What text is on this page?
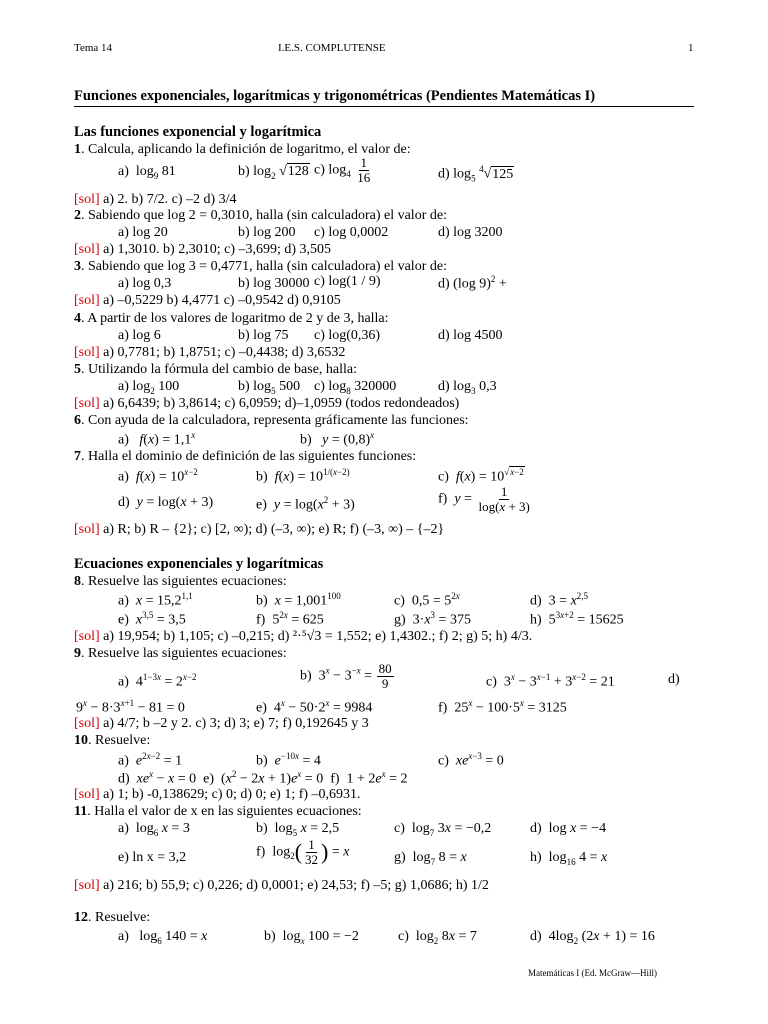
Tema 14	I.E.S. COMPLUTENSE	1
Funciones exponenciales, logarítmicas y trigonométricas (Pendientes Matemáticas I)
Las funciones exponencial y logarítmica
1. Calcula, aplicando la definición de logaritmo, el valor de:
a)  $\log_9 81$	b) $\log_2 √128$ c) $\log_4 \frac{1}{16}$	d) $\log_5 ^4√125$
[sol] a) 2. b) 7/2. c) –2 d) 3/4
2. Sabiendo que log 2 = 0,3010, halla (sin calculadora) el valor de:
a) log 20	b) log 200 c) log 0,0002	d) log 3200
[sol] a) 1,3010. b) 2,3010; c) –3,699; d) 3,505
3. Sabiendo que log 3 = 0,4771, halla (sin calculadora) el valor de:
a) log 0,3	b) log 30000 c) log(1 / 9)	d) (log 9)$^2$ +
[sol] a) –0,5229 b) 4,4771 c) –0,9542 d) 0,9105
4. A partir de los valores de logaritmo de 2 y de 3, halla:
a) log 6	b) log 75 c) log(0,36)	d) log 4500
[sol] a) 0,7781; b) 1,8751; c) –0,4438; d) 3,6532
5. Utilizando la fórmula del cambio de base, halla:
a) $\log_2 100$	b) $\log_5 500$ c) $\log_8 320000$	d) $\log_3 0,3$
[sol] a) 6,6439; b) 3,8614; c) 6,0959; d)–1,0959 (todos redondeados)
6. Con ayuda de la calculadora, representa gráficamente las funciones:
a)   $f(x) = 1,1^x$	b)   $y = (0,8)^x$
7. Halla el dominio de definición de las siguientes funciones:
a)  $f(x) = 10^{x-2}$	b)  $f(x) = 10^{1/(x-2)}$	c)  $f(x) = 10^{√x-2}$
d)  y = log(x + 3)	e)  $y = \log(x^2 + 3)$	f)  $y = \frac{1}{\log(x + 3)}$
[sol] a) R; b) R – {2}; c) [2, ∞); d) (–3, ∞); e) R; f) (–3, ∞) – {–2}
Ecuaciones exponenciales y logarítmicas
8. Resuelve las siguientes ecuaciones:
a)  $x = 15,2^{1,1}$	b)  $x = 1,001^{100}$	c)  $0,5 = 5^{2x}$	d)  $3 = x^{2,5}$
e)  $x^{3,5} = 3,5$	f)  $5^{2x} = 625$	g)  $3\cdot x^3 = 375$	h)  $5^{3x+2} = 15625$
[sol] a) 19,954; b) 1,105; c) –0,215; d) ²·⁵√3 = 1,552; e) 1,4302.; f) 2; g) 5; h) 4/3.
9. Resuelve las siguientes ecuaciones:
a)  $4^{1-3x} = 2^{x-2}$	b)  $3^x - 3^{-x} = \frac{80}{9}$	c)  $3^x - 3^{x-1} + 3^{x-2} = 21$	d)
$9^x - 8\cdot 3^{x+1} - 81 = 0$	e)  $4^x - 50\cdot 2^x = 9984$	f)  $25^x - 100\cdot 5^x = 3125$
[sol] a) 4/7; b –2 y 2. c) 3; d) 3; e) 7; f) 0,192645 y 3
10. Resuelve:
a)  $e^{2x-2} = 1$	b)  $e^{-10x} = 4$	c)  $xe^{x-3} = 0$
d)  $xe^x - x = 0$  e)  $(x^2 - 2x + 1)e^x = 0$  f)  $1 + 2e^x = 2$
[sol] a) 1; b) -0,138629; c) 0; d) 0; e) 1; f) –0,6931.
11. Halla el valor de x en las siguientes ecuaciones:
a)  $\log_6 x = 3$	b)  $\log_5 x = 2,5$	c)  $\log_7 3x = -0,2$	d)  log x = −4
e) ln x = 3,2	f)  $\log_2( \frac{1}{32}$ ) = x	g)  $\log_7 8 = x$	h)  $\log_{16} 4 = x$
[sol] a) 216; b) 55,9; c) 0,226; d) 0,0001; e) 24,53; f) –5; g) 1,0686; h) 1/2
12. Resuelve:
a)   $\log_6 140 = x$	b)  $\log_x 100 = -2$	c)  $\log_2 8x = 7$	d)  $4\log_2$ (2x + 1) = 16
Matemáticas I (Ed. McGraw—Hill)
